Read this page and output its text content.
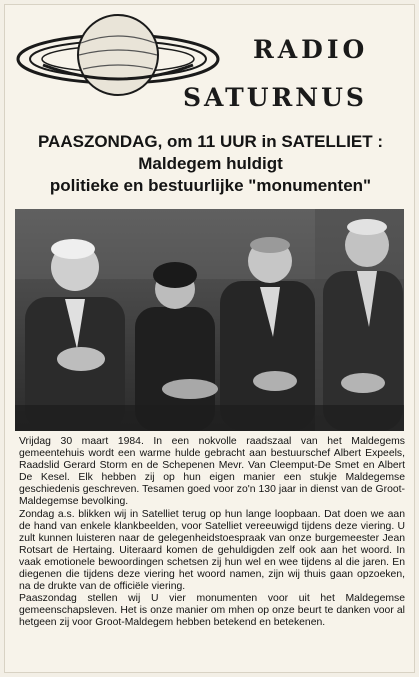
RADIO
SATURNUS
PAASZONDAG, om 11 UUR in SATELLIET :
Maldegem huldigt
politieke en bestuurlijke "monumenten"

Vrijdag 30 maart 1984. In een nokvolle raadszaal van het Maldegems gemeentehuis wordt een warme hulde gebracht aan bestuurschef Albert Expeels, Raadslid Gerard Storm en de Schepenen Mevr. Van Cleemput-De Smet en Albert De Kesel. Elk hebben zij op hun eigen manier een stukje Maldegemse geschiedenis geschreven. Tesamen goed voor zo'n 130 jaar in dienst van de Groot-Maldegemse bevolking.

Zondag a.s. blikken wij in Satelliet terug op hun lange loopbaan. Dat doen we aan de hand van enkele klankbeelden, voor Satelliet vereeuwigd tijdens deze viering. U zult kunnen luisteren naar de gelegenheidstoespraak van onze burgemeester Jean Rotsart de Hertaing. Uiteraard komen de gehuldigden zelf ook aan het woord. In vaak emotionele bewoordingen schetsen zij hun wel en wee tijdens al die jaren. En diegenen die tijdens deze viering het woord namen, zijn wij thuis gaan opzoeken, na de drukte van de officiële viering.

Paaszondag stellen wij U vier monumenten voor uit het Maldegemse gemeenschapsleven. Het is onze manier om mhen op onze beurt te danken voor al hetgeen zij voor Groot-Maldegem hebben betekend en betekenen.
